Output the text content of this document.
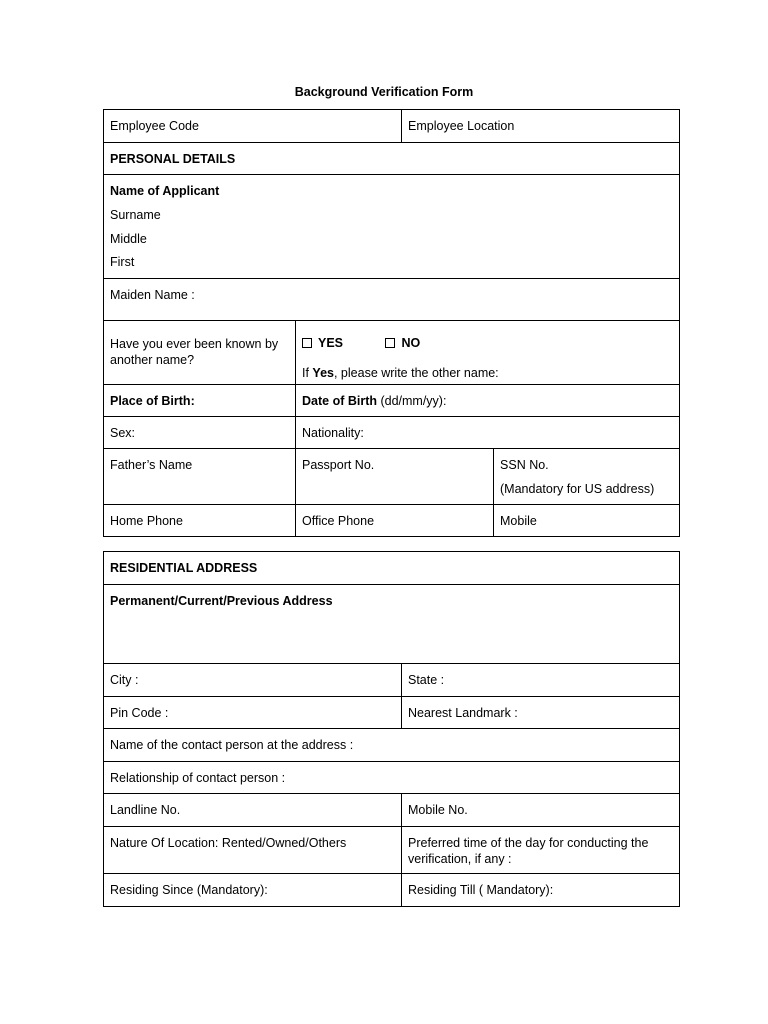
Background Verification Form
Employee Code		Employee Location	
PERSONAL DETAILS			

Name of Applicant
Surname
Middle
First			

Maiden Name :			
Have you ever been known by another name?	YES NO
If Yes, please write the other name:		

Place of Birth:	Date of Birth (dd/mm/yy):		
Sex:	Nationality:		
Father’s Name	Passport No.		SSN No.
(Mandatory for US address)

Home Phone	Office Phone		Mobile
RESIDENTIAL ADDRESS	
Permanent/Current/Previous Address	
City :	State :
Pin Code :	Nearest Landmark :
Name of the contact person at the address :	
Relationship of contact person :	
Landline No.	Mobile No.
Nature Of Location: Rented/Owned/Others	Preferred time of the day for conducting the verification, if any :
Residing Since (Mandatory):	Residing Till ( Mandatory):
